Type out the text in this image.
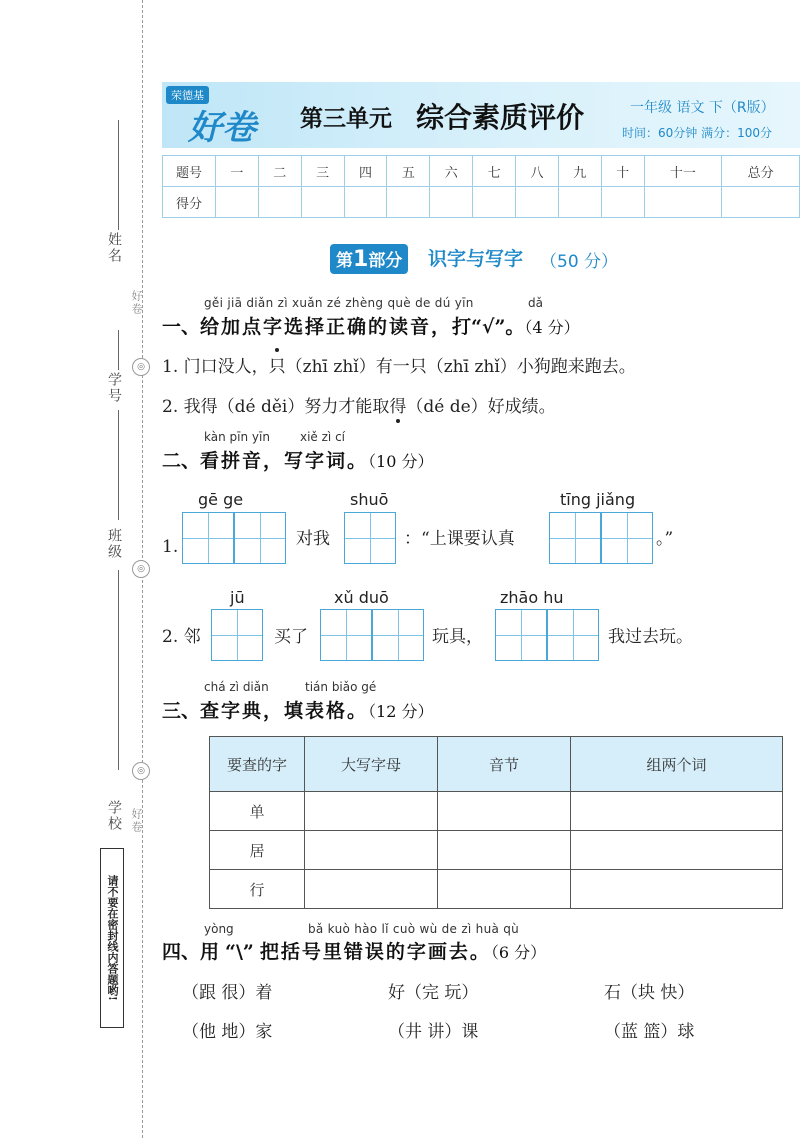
姓名
好卷
◎
学号
班级
◎
◎
学校 好卷
请不要在密封线内答题哟!
荣德基
好卷 第三单元 综合素质评价	一年级 语文 下（R版）
时间：60分钟 满分：100分
题号	一	二	三	四	五	六	七	八	九	十	十一	总分
得分												
第1部分	识字与写字 （50 分）
gěi jiā diǎn zì xuǎn zé zhèng què de dú yīn	dǎ
一、给加点字选择正确的读音，打“√”。（4 分）
1. 门口没人，只（zhī zhǐ）有一只（zhī zhǐ）小狗跑来跑去。
2. 我得（dé děi）努力才能取得（dé de）好成绩。
kàn pīn yīn	xiě zì cí
二、看拼音，写字词。（10 分）
gē ge	shuō	tīng jiǎng
1.	对我	：“上课要认真	。”
jū	xǔ duō	zhāo hu
2. 邻	买了	玩具，	我过去玩。
chá zì diǎn	tián biǎo gé
三、查字典，填表格。（12 分）
要查的字	大写字母	音节	组两个词
单			
居			
行			
yòng	bǎ kuò hào lǐ cuò wù de zì huà qù
四、用 “\” 把括号里错误的字画去。（6 分）
（跟 很）着	好（完 玩）	石（块 快）
（他 地）家	（井 讲）课	（蓝 篮）球
